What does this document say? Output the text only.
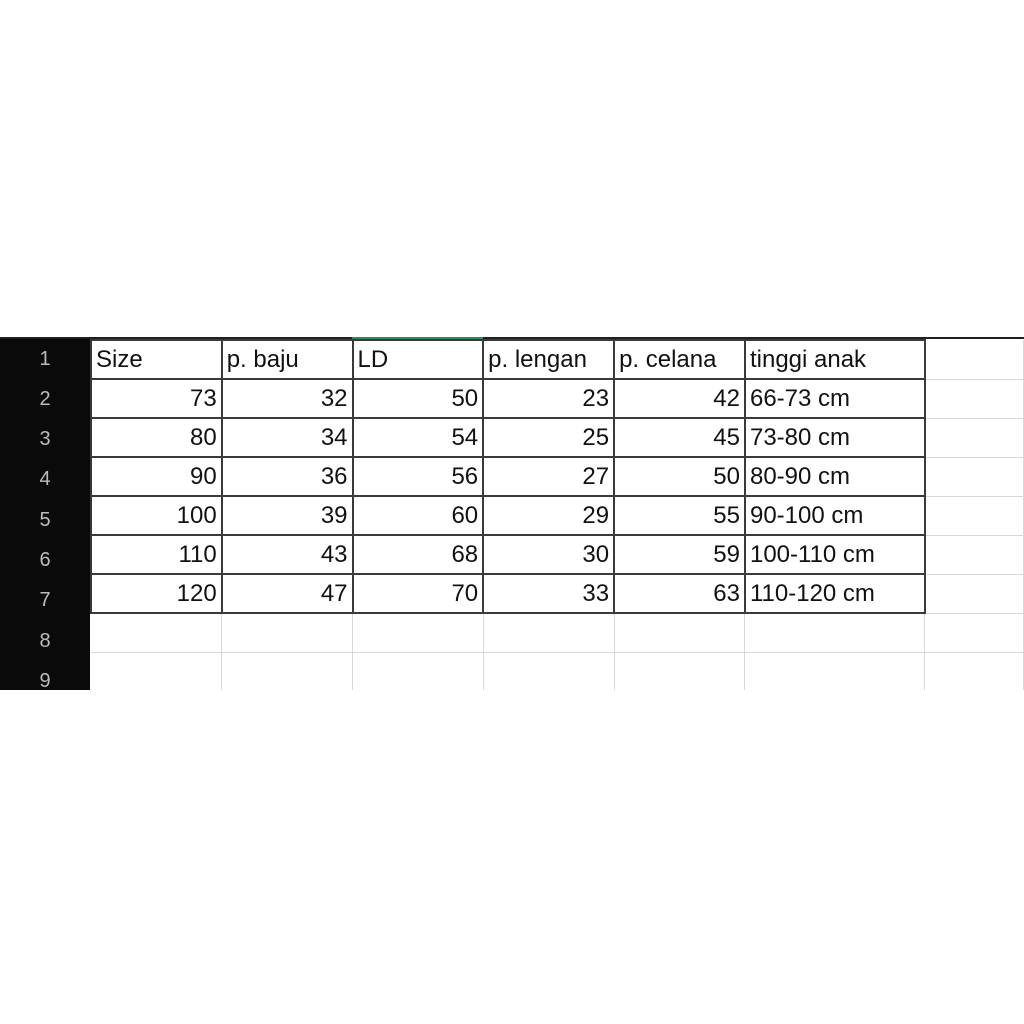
1
2
3
4
5
6
7
8
9
Size	p. baju	LD	p. lengan	p. celana	tinggi anak	
73	32	50	23	42	66-73 cm	
80	34	54	25	45	73-80 cm	
90	36	56	27	50	80-90 cm	
100	39	60	29	55	90-100 cm	
110	43	68	30	59	100-110 cm	
120	47	70	33	63	110-120 cm	
